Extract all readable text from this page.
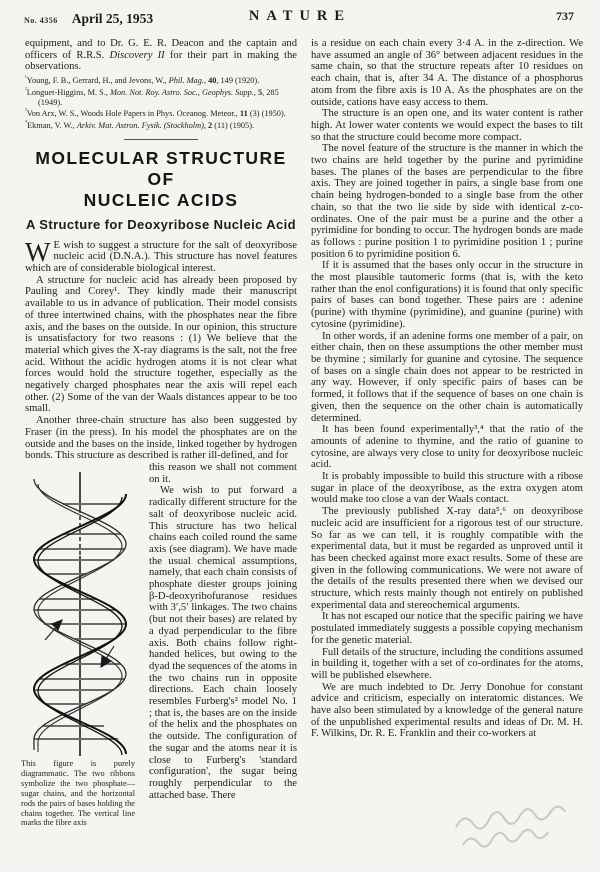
No. 4356 April 25, 1953	NATURE	737

equipment, and to Dr. G. E. R. Deacon and the captain and officers of R.R.S. Discovery II for their part in making the observations.

$^{^1}$Young, F. B., Gerrard, H., and Jevons, W., Phil. Mag., 40, 149 (1920).

$^{^2}$Longuet-Higgins, M. S., Mon. Not. Roy. Astro. Soc., Geophys. Supp., 5, 285 (1949).

$^{^3}$Von Arx, W. S., Woods Hole Papers in Phys. Oceanog. Meteor., 11 (3) (1950).

$^{^4}$Ekman, V. W., Arkiv. Mat. Astron. Fysik. (Stockholm), 2 (11) (1905).

MOLECULAR STRUCTURE OF
NUCLEIC ACIDS
A Structure for Deoxyribose Nucleic Acid

W E wish to suggest a structure for the salt of deoxyribose nucleic acid (D.N.A.). This structure has novel features which are of considerable biological interest.

A structure for nucleic acid has already been proposed by Pauling and Corey¹. They kindly made their manuscript available to us in advance of publication. Their model consists of three intertwined chains, with the phosphates near the fibre axis, and the bases on the outside. In our opinion, this structure is unsatisfactory for two reasons : (1) We believe that the material which gives the X-ray diagrams is the salt, not the free acid. Without the acidic hydrogen atoms it is not clear what forces would hold the structure together, especially as the negatively charged phosphates near the axis will repel each other. (2) Some of the van der Waals distances appear to be too small.

Another three-chain structure has also been suggested by Fraser (in the press). In his model the phosphates are on the outside and the bases on the inside, linked together by hydrogen bonds. This structure as described is rather ill-defined, and for

This figure is purely diagrammatic. The two ribbons symbolize the two phosphate—sugar chains, and the horizontal rods the pairs of bases holding the chains together. The vertical line marks the fibre axis

this reason we shall not comment on it.

We wish to put forward a radically different structure for the salt of deoxyribose nucleic acid. This structure has two helical chains each coiled round the same axis (see diagram). We have made the usual chemical assumptions, namely, that each chain consists of phosphate diester groups joining β-D-deoxyribofuranose residues with 3′,5′ linkages. The two chains (but not their bases) are related by a dyad perpendicular to the fibre axis. Both chains follow right-handed helices, but owing to the dyad the sequences of the atoms in the two chains run in opposite directions. Each chain loosely resembles Furberg's² model No. 1 ; that is, the bases are on the inside of the helix and the phosphates on the outside. The configuration of the sugar and the atoms near it is close to Furberg's 'standard configuration', the sugar being roughly perpendicular to the attached base. There

is a residue on each chain every 3·4 A. in the z-direction. We have assumed an angle of 36° between adjacent residues in the same chain, so that the structure repeats after 10 residues on each chain, that is, after 34 A. The distance of a phosphorus atom from the fibre axis is 10 A. As the phosphates are on the outside, cations have easy access to them.

The structure is an open one, and its water content is rather high. At lower water contents we would expect the bases to tilt so that the structure could become more compact.

The novel feature of the structure is the manner in which the two chains are held together by the purine and pyrimidine bases. The planes of the bases are perpendicular to the fibre axis. They are joined together in pairs, a single base from one chain being hydrogen-bonded to a single base from the other chain, so that the two lie side by side with identical z-co-ordinates. One of the pair must be a purine and the other a pyrimidine for bonding to occur. The hydrogen bonds are made as follows : purine position 1 to pyrimidine position 1 ; purine position 6 to pyrimidine position 6.

If it is assumed that the bases only occur in the structure in the most plausible tautomeric forms (that is, with the keto rather than the enol configurations) it is found that only specific pairs of bases can bond together. These pairs are : adenine (purine) with thymine (pyrimidine), and guanine (purine) with cytosine (pyrimidine).

In other words, if an adenine forms one member of a pair, on either chain, then on these assumptions the other member must be thymine ; similarly for guanine and cytosine. The sequence of bases on a single chain does not appear to be restricted in any way. However, if only specific pairs of bases can be formed, it follows that if the sequence of bases on one chain is given, then the sequence on the other chain is automatically determined.

It has been found experimentally³,⁴ that the ratio of the amounts of adenine to thymine, and the ratio of guanine to cytosine, are always very close to unity for deoxyribose nucleic acid.

It is probably impossible to build this structure with a ribose sugar in place of the deoxyribose, as the extra oxygen atom would make too close a van der Waals contact.

The previously published X-ray data⁵,⁶ on deoxyribose nucleic acid are insufficient for a rigorous test of our structure. So far as we can tell, it is roughly compatible with the experimental data, but it must be regarded as unproved until it has been checked against more exact results. Some of these are given in the following communications. We were not aware of the details of the results presented there when we devised our structure, which rests mainly though not entirely on published experimental data and stereochemical arguments.

It has not escaped our notice that the specific pairing we have postulated immediately suggests a possible copying mechanism for the genetic material.

Full details of the structure, including the conditions assumed in building it, together with a set of co-ordinates for the atoms, will be published elsewhere.

We are much indebted to Dr. Jerry Donohue for constant advice and criticism, especially on interatomic distances. We have also been stimulated by a knowledge of the general nature of the unpublished experimental results and ideas of Dr. M. H. F. Wilkins, Dr. R. E. Franklin and their co-workers at
